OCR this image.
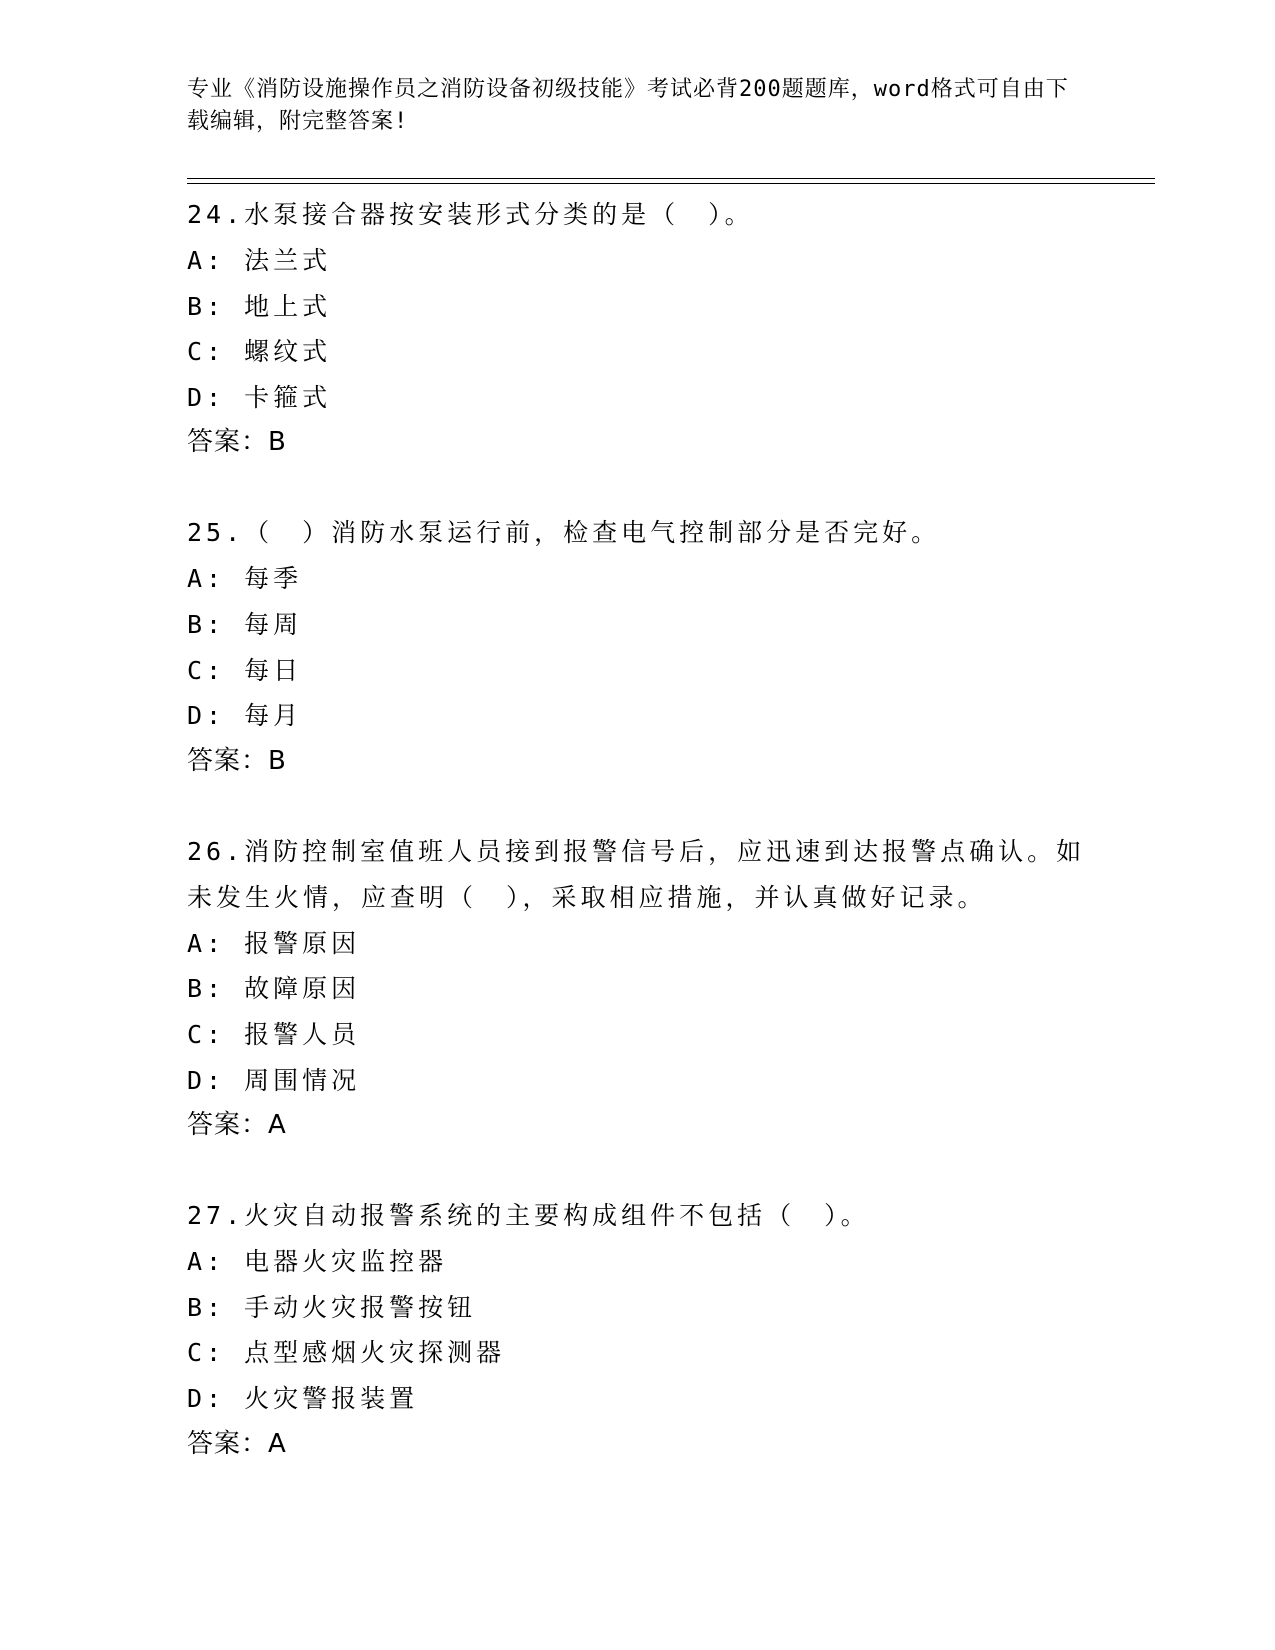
专业《消防设施操作员之消防设备初级技能》考试必背200题题库，word格式可自由下载编辑，附完整答案!

24.水泵接合器按安装形式分类的是（　）。

A: 法兰式

B: 地上式

C: 螺纹式

D: 卡箍式

答案：B

25.（　）消防水泵运行前，检查电气控制部分是否完好。

A: 每季

B: 每周

C: 每日

D: 每月

答案：B

26.消防控制室值班人员接到报警信号后，应迅速到达报警点确认。如未发生火情，应查明（　），采取相应措施，并认真做好记录。

A: 报警原因

B: 故障原因

C: 报警人员

D: 周围情况

答案：A

27.火灾自动报警系统的主要构成组件不包括（　）。

A: 电器火灾监控器

B: 手动火灾报警按钮

C: 点型感烟火灾探测器

D: 火灾警报装置

答案：A
